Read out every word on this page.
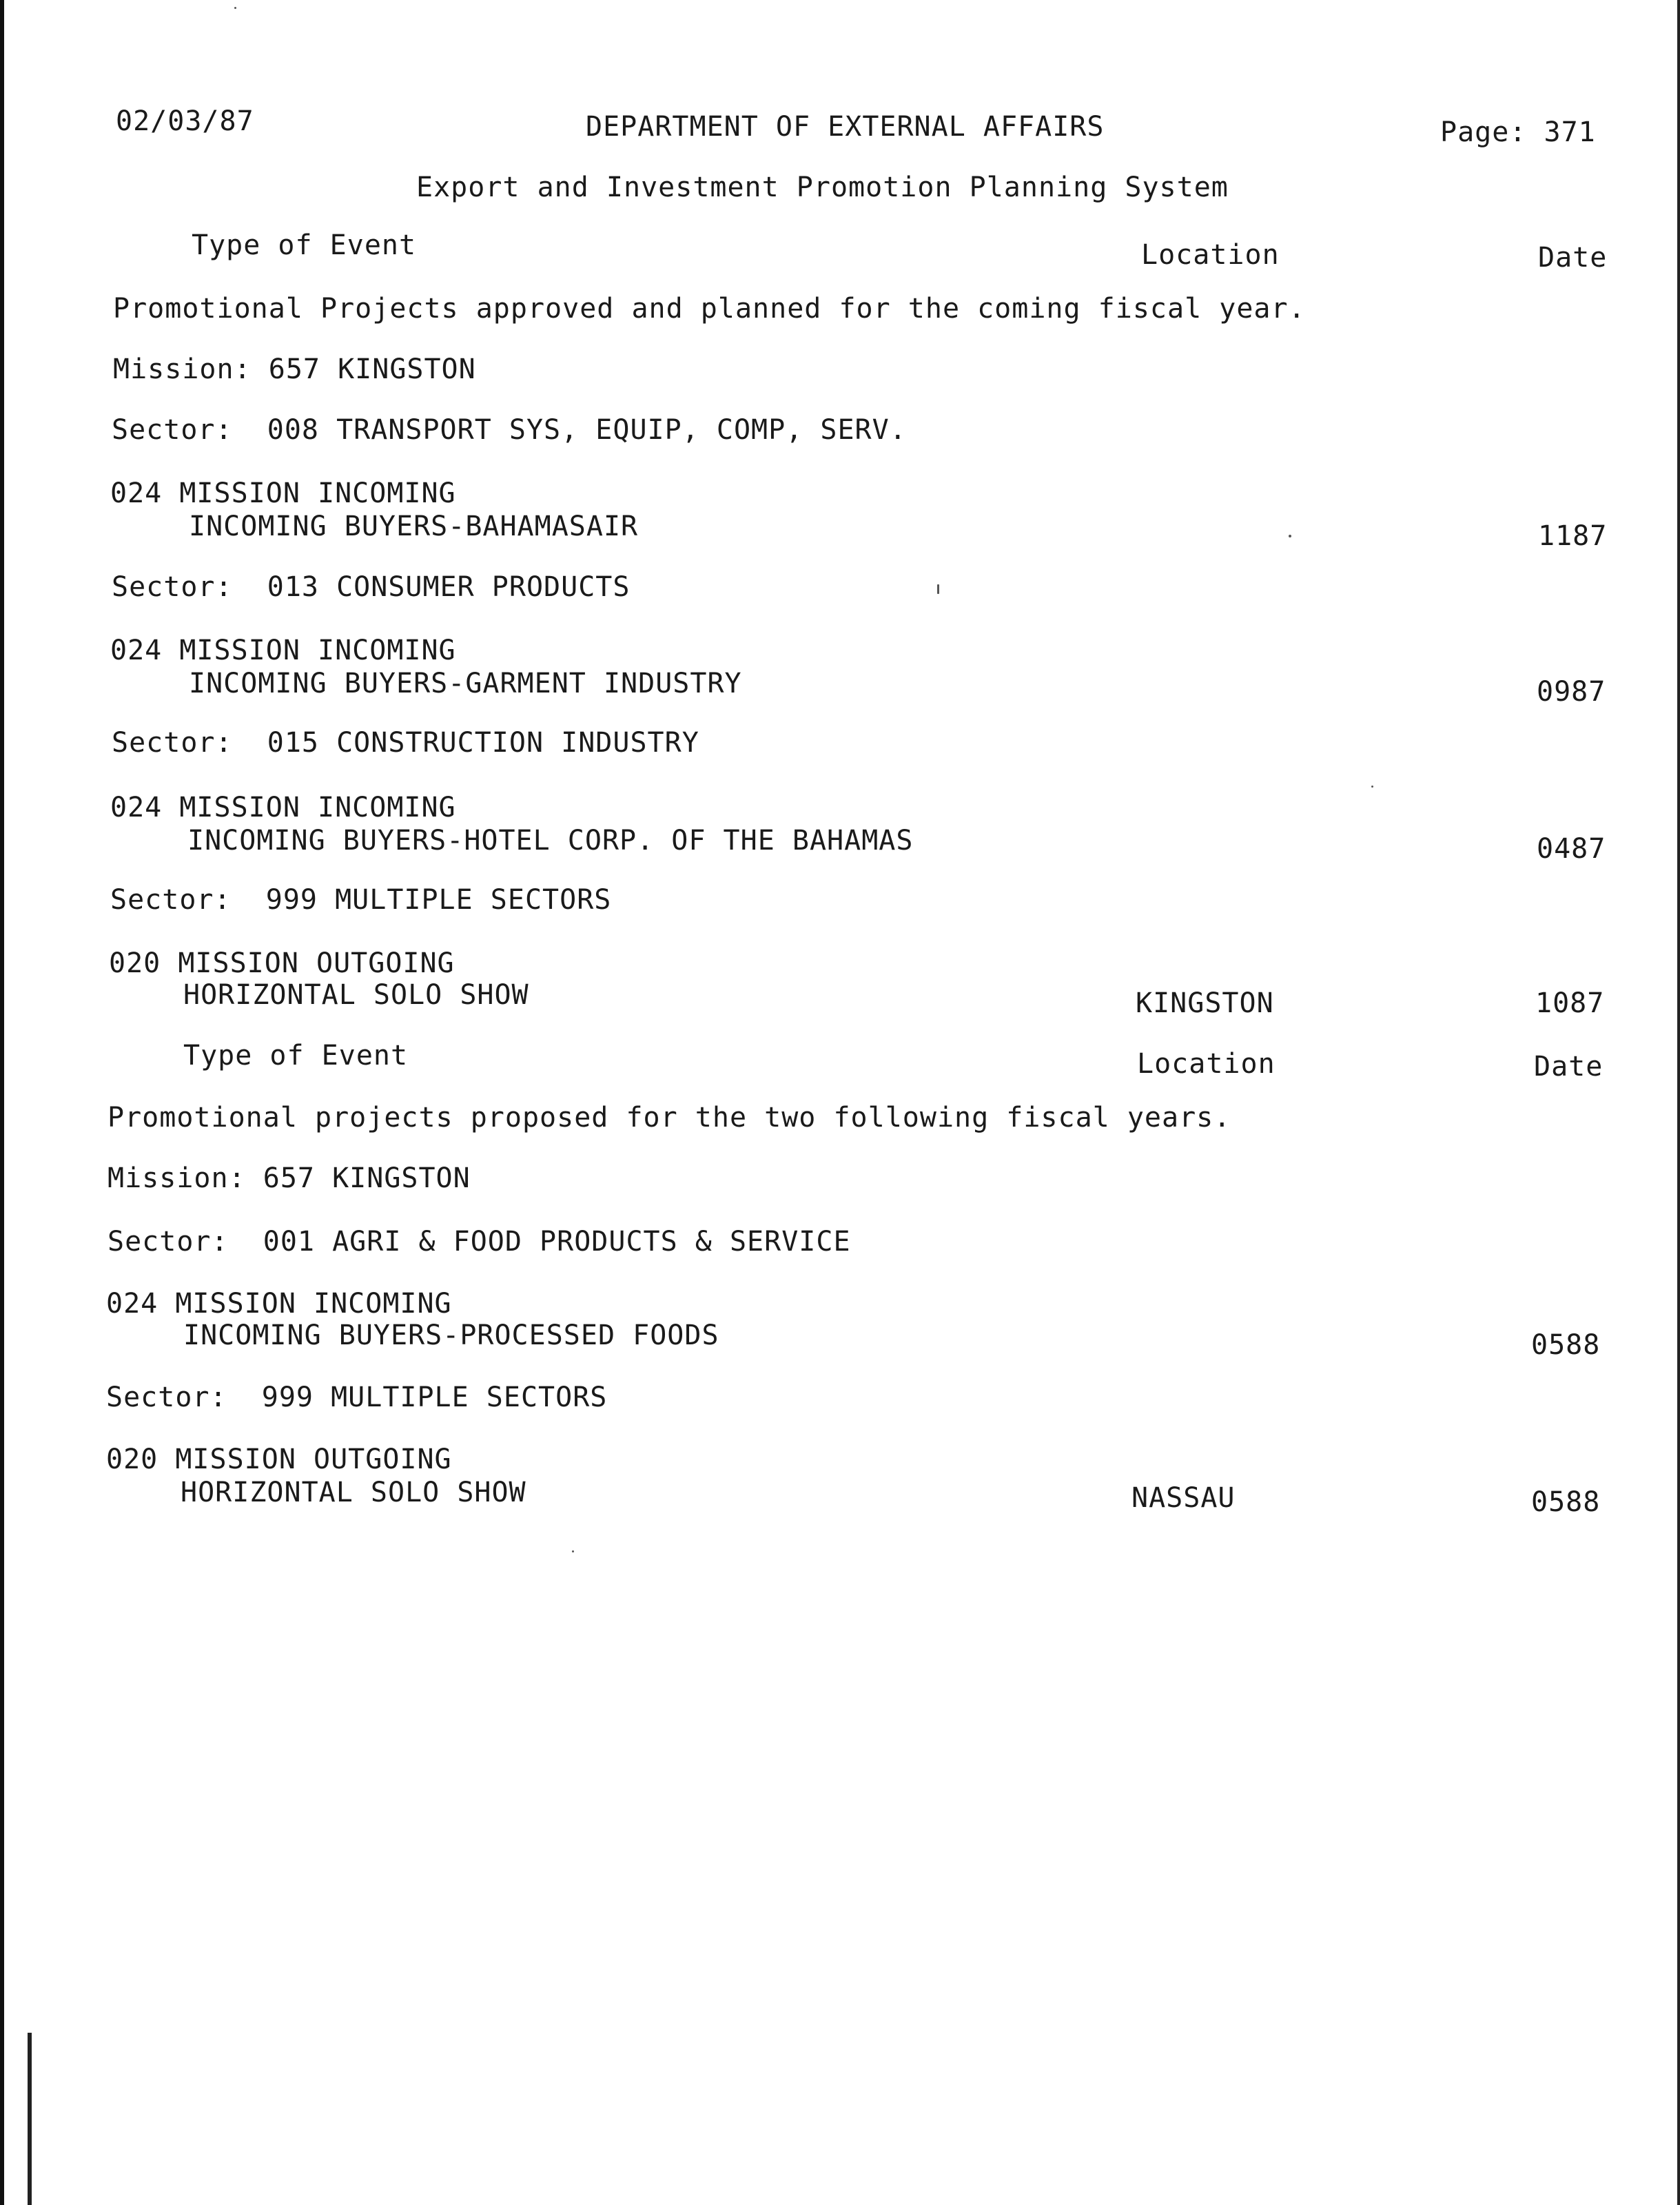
02/03/87	DEPARTMENT OF EXTERNAL AFFAIRS	Page: 371
Export and Investment Promotion Planning System
Type of Event	Location	Date
Promotional Projects approved and planned for the coming fiscal year.
Mission: 657 KINGSTON
Sector:  008 TRANSPORT SYS, EQUIP, COMP, SERV.
024 MISSION INCOMING
INCOMING BUYERS-BAHAMASAIR	1187
Sector:  013 CONSUMER PRODUCTS
024 MISSION INCOMING
INCOMING BUYERS-GARMENT INDUSTRY	0987
Sector:  015 CONSTRUCTION INDUSTRY
024 MISSION INCOMING
INCOMING BUYERS-HOTEL CORP. OF THE BAHAMAS	0487
Sector:  999 MULTIPLE SECTORS
020 MISSION OUTGOING
HORIZONTAL SOLO SHOW	KINGSTON	1087
Type of Event	Location	Date
Promotional projects proposed for the two following fiscal years.
Mission: 657 KINGSTON
Sector:  001 AGRI & FOOD PRODUCTS & SERVICE
024 MISSION INCOMING
INCOMING BUYERS-PROCESSED FOODS	0588
Sector:  999 MULTIPLE SECTORS
020 MISSION OUTGOING
HORIZONTAL SOLO SHOW	NASSAU	0588
